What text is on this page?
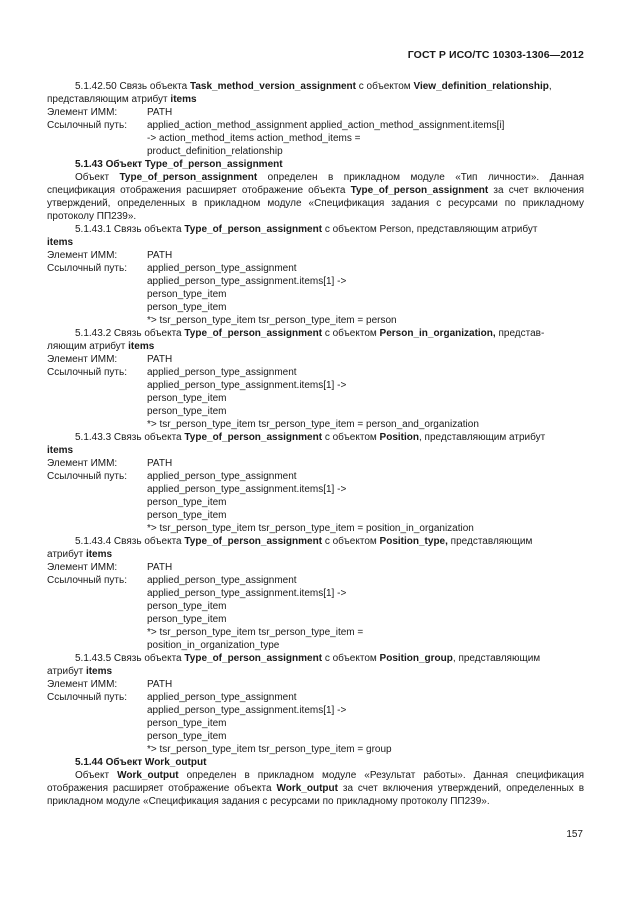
ГОСТ Р ИСО/ТС 10303-1306—2012

5.1.42.50 Связь объекта Task_method_version_assignment с объектом View_definition_relationship,

представляющим атрибут items

Элемент ИММ:	PATH
Ссылочный путь:	applied_action_method_assignment applied_action_method_assignment.items[i]
-> action_method_items action_method_items =
product_definition_relationship

5.1.43 Объект Type_of_person_assignment

Объект Type_of_person_assignment определен в прикладном модуле «Тип личности». Данная спецификация отображения расширяет отображение объекта Type_of_person_assignment за счет включения утверждений, определенных в прикладном модуле «Спецификация задания с ресурсами по прикладному протоколу ПП239».

5.1.43.1 Связь объекта Type_of_person_assignment с объектом Person, представляющим атрибут

items

Элемент ИММ:	PATH
Ссылочный путь:	applied_person_type_assignment
applied_person_type_assignment.items[1] ->
person_type_item
person_type_item
*> tsr_person_type_item tsr_person_type_item = person

5.1.43.2 Связь объекта Type_of_person_assignment с объектом Person_in_organization, представ-

ляющим атрибут items

Элемент ИММ:	PATH
Ссылочный путь:	applied_person_type_assignment
applied_person_type_assignment.items[1] ->
person_type_item
person_type_item
*> tsr_person_type_item tsr_person_type_item = person_and_organization

5.1.43.3 Связь объекта Type_of_person_assignment с объектом Position, представляющим атрибут

items

Элемент ИММ:	PATH
Ссылочный путь:	applied_person_type_assignment
applied_person_type_assignment.items[1] ->
person_type_item
person_type_item
*> tsr_person_type_item tsr_person_type_item = position_in_organization

5.1.43.4 Связь объекта Type_of_person_assignment с объектом Position_type, представляющим

атрибут items

Элемент ИММ:	PATH
Ссылочный путь:	applied_person_type_assignment
applied_person_type_assignment.items[1] ->
person_type_item
person_type_item
*> tsr_person_type_item tsr_person_type_item =
position_in_organization_type

5.1.43.5 Связь объекта Type_of_person_assignment с объектом Position_group, представляющим

атрибут items

Элемент ИММ:	PATH
Ссылочный путь:	applied_person_type_assignment
applied_person_type_assignment.items[1] ->
person_type_item
person_type_item
*> tsr_person_type_item tsr_person_type_item = group

5.1.44 Объект Work_output

Объект Work_output определен в прикладном модуле «Результат работы». Данная спецификация отображения расширяет отображение объекта Work_output за счет включения утверждений, определенных в прикладном модуле «Спецификация задания с ресурсами по прикладному протоколу ПП239».

157
